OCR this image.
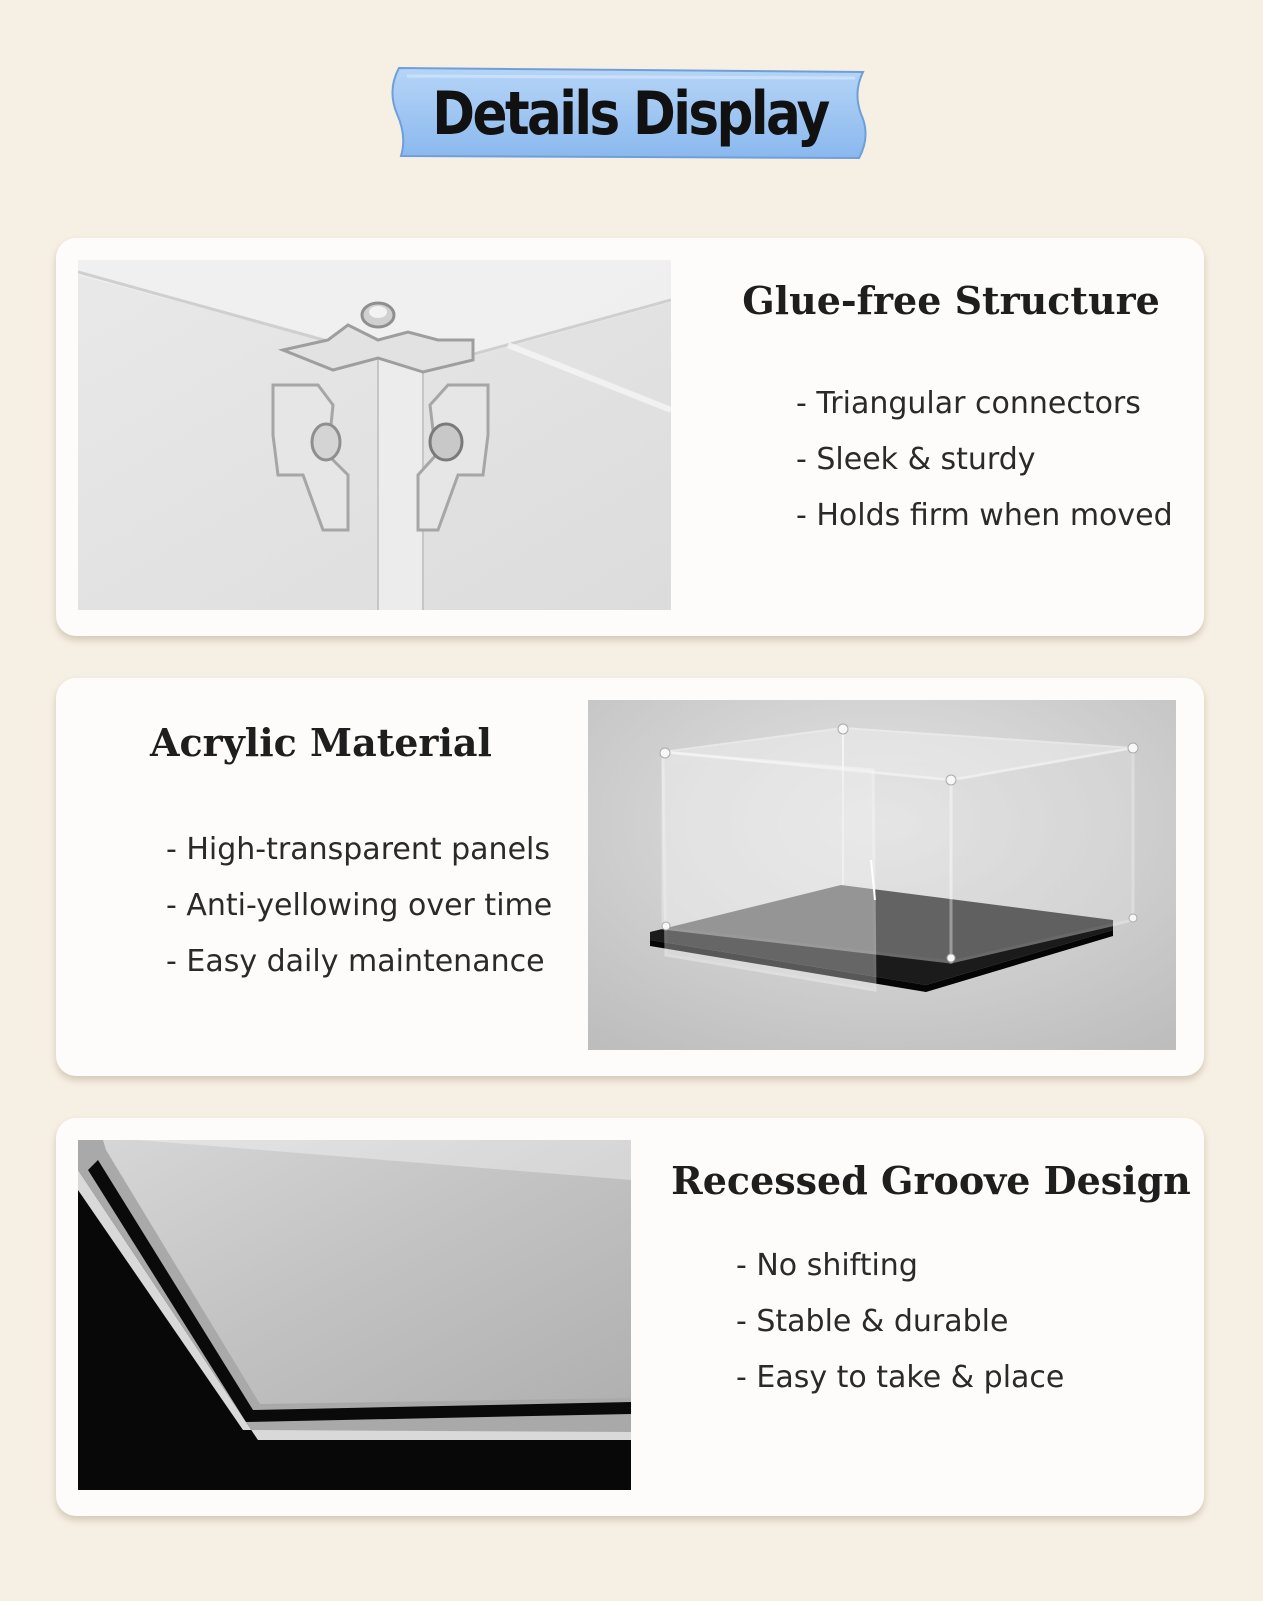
Details Display
Glue-free Structure
- Triangular connectors
- Sleek & sturdy
- Holds firm when moved
Acrylic Material
- High-transparent panels
- Anti-yellowing over time
- Easy daily maintenance
Recessed Groove Design
- No shifting
- Stable & durable
- Easy to take & place
